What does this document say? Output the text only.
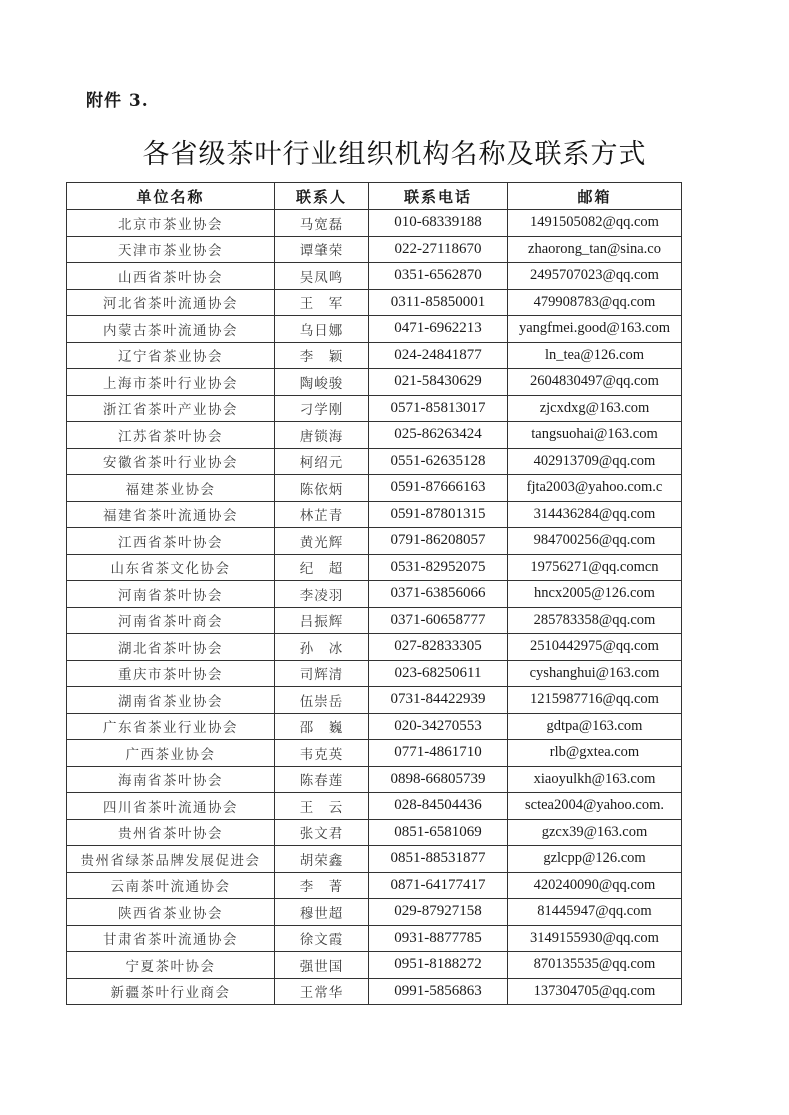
附件 3.
各省级茶叶行业组织机构名称及联系方式
单位名称	联系人	联系电话	邮箱
北京市茶业协会	马宽磊	010-68339188	1491505082@qq.com
天津市茶业协会	谭肇荣	022-27118670	zhaorong_tan@sina.co
山西省茶叶协会	吴凤鸣	0351-6562870	2495707023@qq.com
河北省茶叶流通协会	王　军	0311-85850001	479908783@qq.com
内蒙古茶叶流通协会	乌日娜	0471-6962213	yangfmei.good@163.com
辽宁省茶业协会	李　颖	024-24841877	ln_tea@126.com
上海市茶叶行业协会	陶峻骏	021-58430629	2604830497@qq.com
浙江省茶叶产业协会	刁学刚	0571-85813017	zjcxdxg@163.com
江苏省茶叶协会	唐锁海	025-86263424	tangsuohai@163.com
安徽省茶叶行业协会	柯绍元	0551-62635128	402913709@qq.com
福建茶业协会	陈依炳	0591-87666163	fjta2003@yahoo.com.c
福建省茶叶流通协会	林芷青	0591-87801315	314436284@qq.com
江西省茶叶协会	黄光辉	0791-86208057	984700256@qq.com
山东省茶文化协会	纪　超	0531-82952075	19756271@qq.comcn
河南省茶叶协会	李凌羽	0371-63856066	hncx2005@126.com
河南省茶叶商会	吕振辉	0371-60658777	285783358@qq.com
湖北省茶叶协会	孙　冰	027-82833305	2510442975@qq.com
重庆市茶叶协会	司辉清	023-68250611	cyshanghui@163.com
湖南省茶业协会	伍崇岳	0731-84422939	1215987716@qq.com
广东省茶业行业协会	邵　巍	020-34270553	gdtpa@163.com
广西茶业协会	韦克英	0771-4861710	rlb@gxtea.com
海南省茶叶协会	陈春莲	0898-66805739	xiaoyulkh@163.com
四川省茶叶流通协会	王　云	028-84504436	sctea2004@yahoo.com.
贵州省茶叶协会	张文君	0851-6581069	gzcx39@163.com
贵州省绿茶品牌发展促进会	胡荣鑫	0851-88531877	gzlcpp@126.com
云南茶叶流通协会	李　菁	0871-64177417	420240090@qq.com
陕西省茶业协会	穆世超	029-87927158	81445947@qq.com
甘肃省茶叶流通协会	徐文霞	0931-8877785	3149155930@qq.com
宁夏茶叶协会	强世国	0951-8188272	870135535@qq.com
新疆茶叶行业商会	王常华	0991-5856863	137304705@qq.com
